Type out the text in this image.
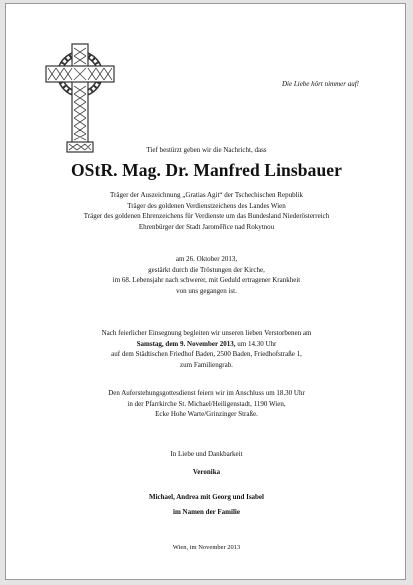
Die Liebe hört nimmer auf!
Tief bestürzt geben wir die Nachricht, dass
OStR. Mag. Dr. Manfred Linsbauer
Träger der Auszeichnung „Gratias Agit“ der Tschechischen Republik
Träger des goldenen Verdienstzeichens des Landes Wien
Träger des goldenen Ehrenzeichens für Verdienste um das Bundesland Niederösterreich
Ehrenbürger der Stadt Jaroměřice nad Rokytnou
am 26. Oktober 2013,
gestärkt durch die Tröstungen der Kirche,
im 68. Lebensjahr nach schwerer, mit Geduld ertragener Krankheit
von uns gegangen ist.
Nach feierlicher Einsegnung begleiten wir unseren lieben Verstorbenen am
Samstag, dem 9. November 2013, um 14.30 Uhr
auf dem Städtischen Friedhof Baden, 2500 Baden, Friedhofstraße 1,
zum Familiengrab.
Den Auferstehungsgottesdienst feiern wir im Anschluss um 18.30 Uhr
in der Pfarrkirche St. Michael/Heiligenstadt, 1190 Wien,
Ecke Hohe Warte/Grinzinger Straße.
In Liebe und Dankbarkeit
Veronika
Michael, Andrea mit Georg und Isabel
im Namen der Familie
Wien, im November 2013
